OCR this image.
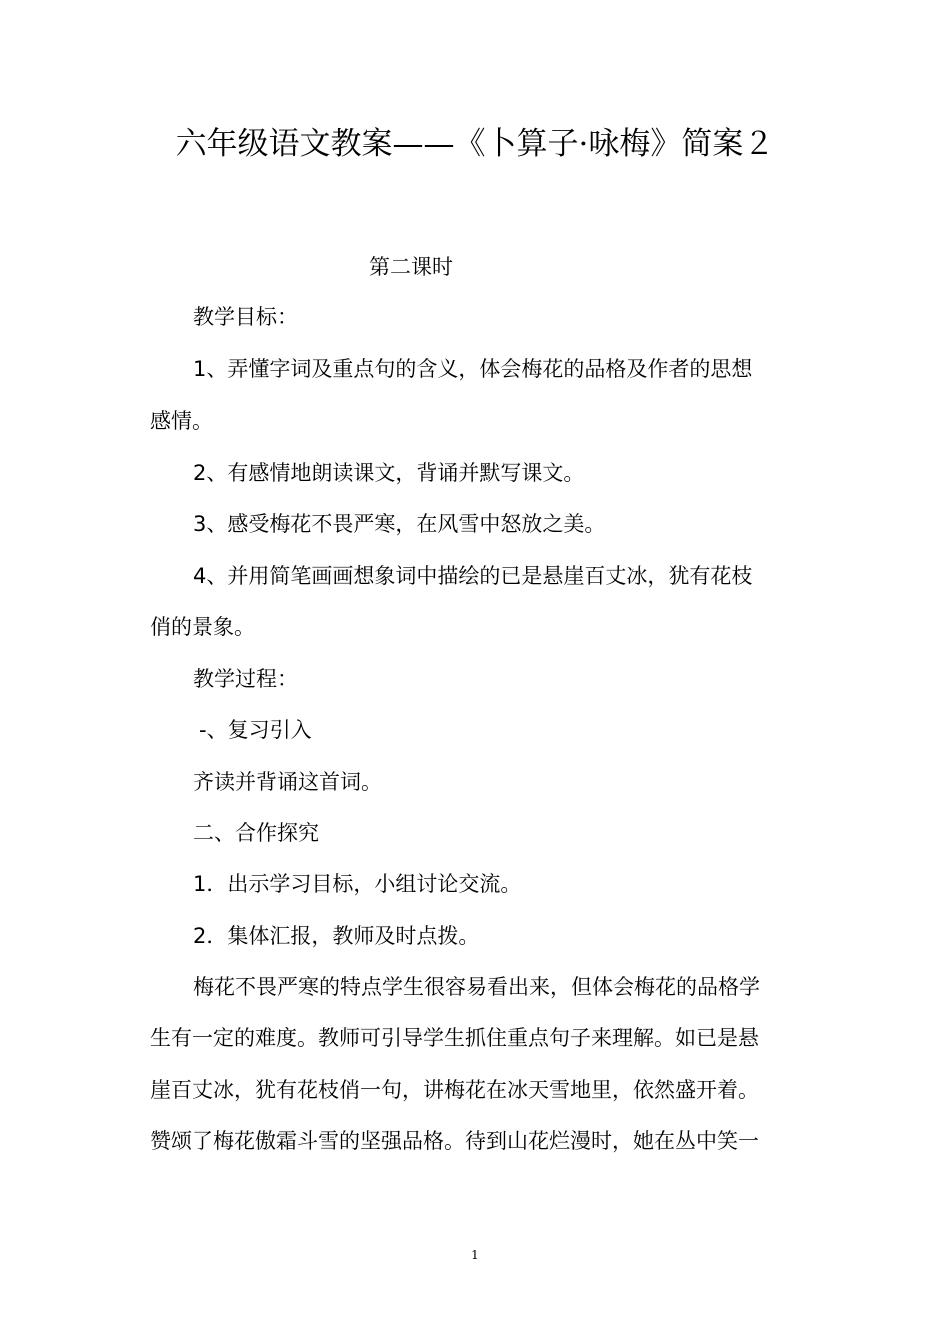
六年级语文教案——《卜算子·咏梅》简案２
第二课时
教学目标：
1、弄懂字词及重点句的含义，体会梅花的品格及作者的思想
感情。
2、有感情地朗读课文，背诵并默写课文。
3、感受梅花不畏严寒，在风雪中怒放之美。
4、并用简笔画画想象词中描绘的已是悬崖百丈冰，犹有花枝
俏的景象。
教学过程：
-、复习引入
齐读并背诵这首词。
二、合作探究
1．出示学习目标，小组讨论交流。
2．集体汇报，教师及时点拨。
梅花不畏严寒的特点学生很容易看出来，但体会梅花的品格学
生有一定的难度。教师可引导学生抓住重点句子来理解。如已是悬
崖百丈冰，犹有花枝俏一句，讲梅花在冰天雪地里，依然盛开着。
赞颂了梅花傲霜斗雪的坚强品格。待到山花烂漫时，她在丛中笑一
1
